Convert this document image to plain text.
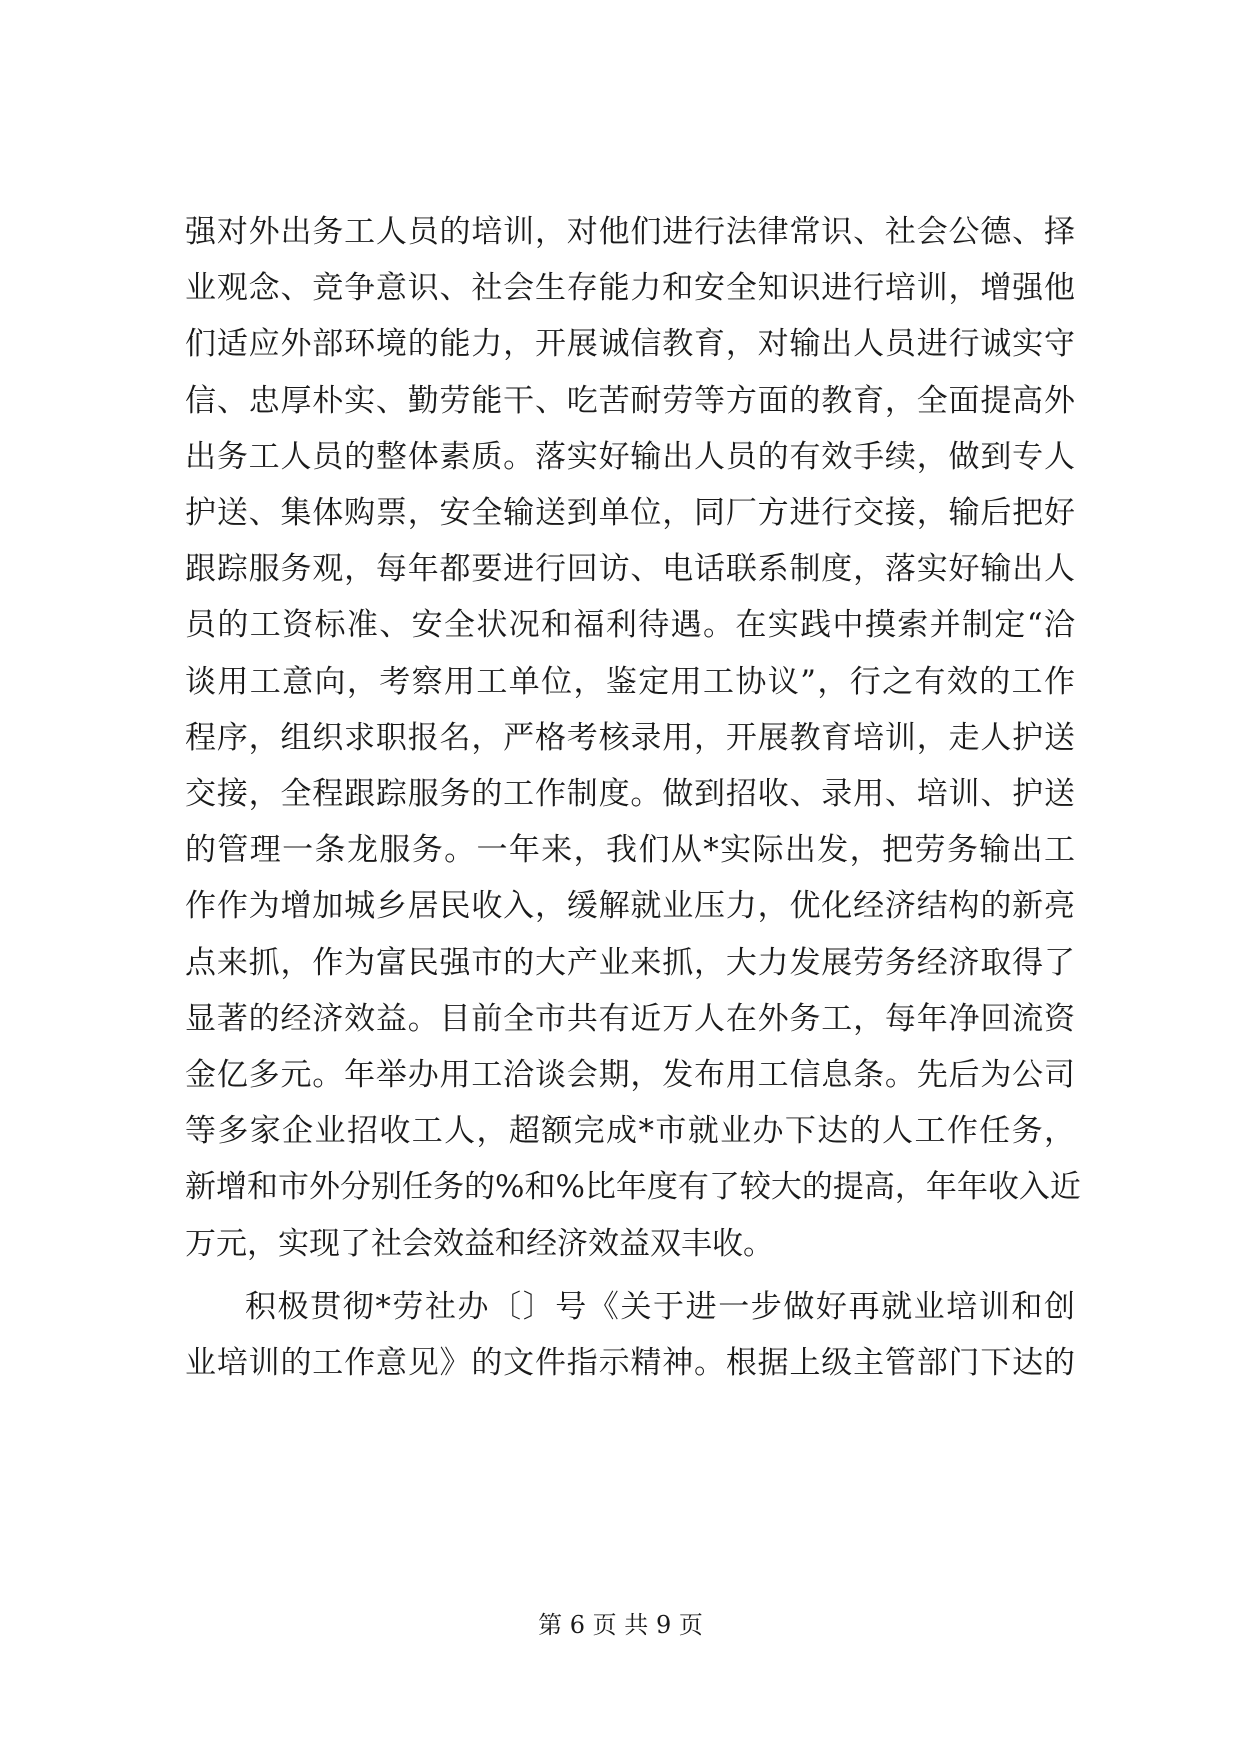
强对外出务工人员的培训，对他们进行法律常识、社会公德、择
业观念、竞争意识、社会生存能力和安全知识进行培训，增强他
们适应外部环境的能力，开展诚信教育，对输出人员进行诚实守
信、忠厚朴实、勤劳能干、吃苦耐劳等方面的教育，全面提高外
出务工人员的整体素质。落实好输出人员的有效手续，做到专人
护送、集体购票，安全输送到单位，同厂方进行交接，输后把好
跟踪服务观，每年都要进行回访、电话联系制度，落实好输出人
员的工资标准、安全状况和福利待遇。在实践中摸索并制定“洽
谈用工意向，考察用工单位，鉴定用工协议”，行之有效的工作
程序，组织求职报名，严格考核录用，开展教育培训，走人护送
交接，全程跟踪服务的工作制度。做到招收、录用、培训、护送
的管理一条龙服务。一年来，我们从*实际出发，把劳务输出工
作作为增加城乡居民收入，缓解就业压力，优化经济结构的新亮
点来抓，作为富民强市的大产业来抓，大力发展劳务经济取得了
显著的经济效益。目前全市共有近万人在外务工，每年净回流资
金亿多元。年举办用工洽谈会期，发布用工信息条。先后为公司
等多家企业招收工人，超额完成*市就业办下达的人工作任务，
新增和市外分别任务的%和%比年度有了较大的提高，年年收入近
万元，实现了社会效益和经济效益双丰收。
积极贯彻*劳社办〔〕号《关于进一步做好再就业培训和创
业培训的工作意见》的文件指示精神。根据上级主管部门下达的
第 6 页 共 9 页
